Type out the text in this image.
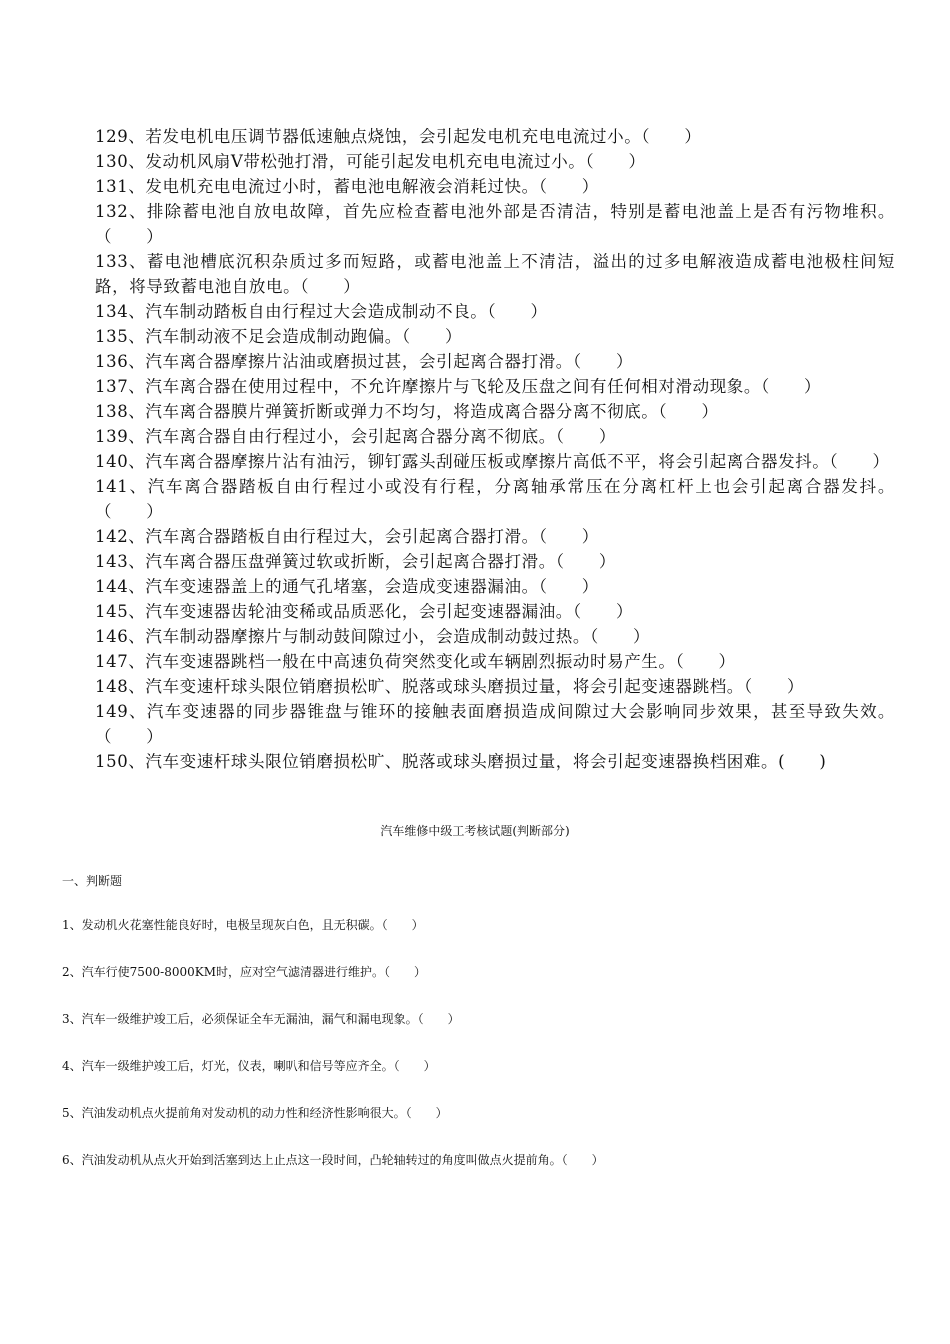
129、若发电机电压调节器低速触点烧蚀，会引起发电机充电电流过小。（　　）

130、发动机风扇V带松弛打滑，可能引起发电机充电电流过小。（　　）

131、发电机充电电流过小时，蓄电池电解液会消耗过快。（　　）

132、排除蓄电池自放电故障，首先应检查蓄电池外部是否清洁，特别是蓄电池盖上是否有污物堆积。（　　）

133、蓄电池槽底沉积杂质过多而短路，或蓄电池盖上不清洁，溢出的过多电解液造成蓄电池极柱间短路，将导致蓄电池自放电。（　　）

134、汽车制动踏板自由行程过大会造成制动不良。（　　）

135、汽车制动液不足会造成制动跑偏。（　　）

136、汽车离合器摩擦片沾油或磨损过甚，会引起离合器打滑。（　　）

137、汽车离合器在使用过程中，不允许摩擦片与飞轮及压盘之间有任何相对滑动现象。（　　）

138、汽车离合器膜片弹簧折断或弹力不均匀，将造成离合器分离不彻底。（　　）

139、汽车离合器自由行程过小，会引起离合器分离不彻底。（　　）

140、汽车离合器摩擦片沾有油污，铆钉露头刮碰压板或摩擦片高低不平，将会引起离合器发抖。（　　）

141、汽车离合器踏板自由行程过小或没有行程，分离轴承常压在分离杠杆上也会引起离合器发抖。（　　）

142、汽车离合器踏板自由行程过大，会引起离合器打滑。（　　）

143、汽车离合器压盘弹簧过软或折断，会引起离合器打滑。（　　）

144、汽车变速器盖上的通气孔堵塞，会造成变速器漏油。（　　）

145、汽车变速器齿轮油变稀或品质恶化，会引起变速器漏油。（　　）

146、汽车制动器摩擦片与制动鼓间隙过小，会造成制动鼓过热。（　　）

147、汽车变速器跳档一般在中高速负荷突然变化或车辆剧烈振动时易产生。（　　）

148、汽车变速杆球头限位销磨损松旷、脱落或球头磨损过量，将会引起变速器跳档。（　　）

149、汽车变速器的同步器锥盘与锥环的接触表面磨损造成间隙过大会影响同步效果，甚至导致失效。（　　）

150、汽车变速杆球头限位销磨损松旷、脱落或球头磨损过量，将会引起变速器换档困难。(　　)

汽车维修中级工考核试题(判断部分)
一、判断题

1、发动机火花塞性能良好时，电极呈现灰白色，且无积碳。（　　）

2、汽车行使7500-8000KM时，应对空气滤清器进行维护。（　　）

3、汽车一级维护竣工后，必须保证全车无漏油，漏气和漏电现象。（　　）

4、汽车一级维护竣工后，灯光，仪表，喇叭和信号等应齐全。（　　）

5、汽油发动机点火提前角对发动机的动力性和经济性影响很大。（　　）

6、汽油发动机从点火开始到活塞到达上止点这一段时间，凸轮轴转过的角度叫做点火提前角。（　　）
